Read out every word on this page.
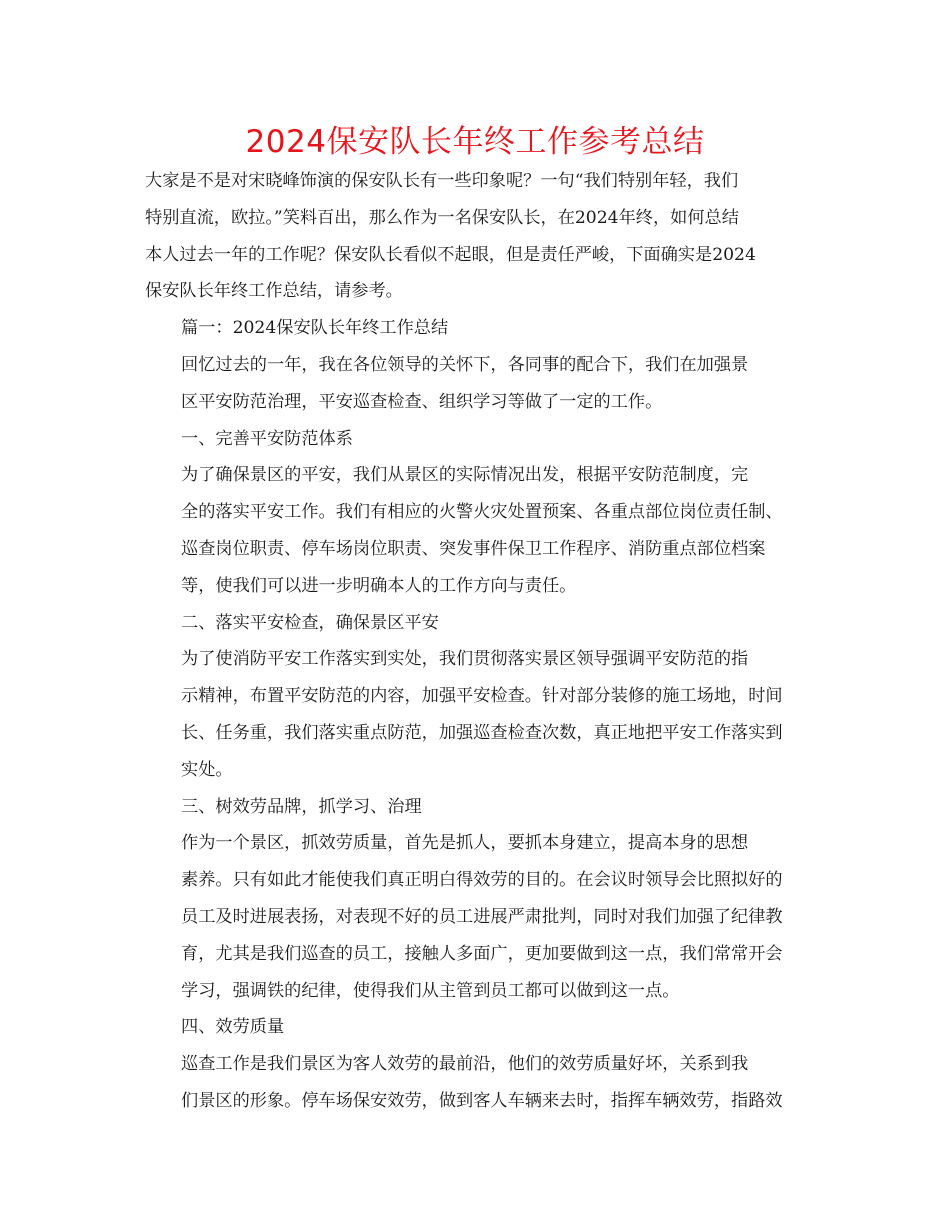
2024保安队长年终工作参考总结

大家是不是对宋晓峰饰演的保安队长有一些印象呢？一句“我们特别年轻，我们
特别直流，欧拉。”笑料百出，那么作为一名保安队长，在2024年终，如何总结
本人过去一年的工作呢？保安队长看似不起眼，但是责任严峻，下面确实是2024
保安队长年终工作总结，请参考。

篇一：2024保安队长年终工作总结

回忆过去的一年，我在各位领导的关怀下，各同事的配合下，我们在加强景
区平安防范治理，平安巡查检查、组织学习等做了一定的工作。

一、完善平安防范体系

为了确保景区的平安，我们从景区的实际情况出发，根据平安防范制度，完
全的落实平安工作。我们有相应的火警火灾处置预案、各重点部位岗位责任制、
巡查岗位职责、停车场岗位职责、突发事件保卫工作程序、消防重点部位档案
等，使我们可以进一步明确本人的工作方向与责任。

二、落实平安检查，确保景区平安

为了使消防平安工作落实到实处，我们贯彻落实景区领导强调平安防范的指
示精神，布置平安防范的内容，加强平安检查。针对部分装修的施工场地，时间
长、任务重，我们落实重点防范，加强巡查检查次数，真正地把平安工作落实到
实处。

三、树效劳品牌，抓学习、治理

作为一个景区，抓效劳质量，首先是抓人，要抓本身建立，提高本身的思想
素养。只有如此才能使我们真正明白得效劳的目的。在会议时领导会比照拟好的
员工及时进展表扬，对表现不好的员工进展严肃批判，同时对我们加强了纪律教
育，尤其是我们巡查的员工，接触人多面广，更加要做到这一点，我们常常开会
学习，强调铁的纪律，使得我们从主管到员工都可以做到这一点。

四、效劳质量

巡查工作是我们景区为客人效劳的最前沿，他们的效劳质量好坏，关系到我
们景区的形象。停车场保安效劳，做到客人车辆来去时，指挥车辆效劳，指路效
